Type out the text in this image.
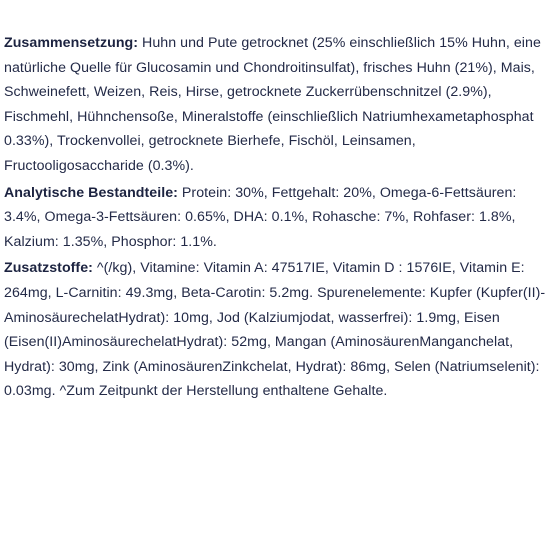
Zusammensetzung: Huhn und Pute getrocknet (25% einschließlich 15% Huhn, eine natürliche Quelle für Glucosamin und Chondroitinsulfat), frisches Huhn (21%), Mais, Schweinefett, Weizen, Reis, Hirse, getrocknete Zuckerrübenschnitzel (2.9%), Fischmehl, Hühnchensoße, Mineralstoffe (einschließlich Natriumhexametaphosphat 0.33%), Trockenvollei, getrocknete Bierhefe, Fischöl, Leinsamen, Fructooligosaccharide (0.3%).

Analytische Bestandteile: Protein: 30%, Fettgehalt: 20%, Omega-6-Fettsäuren: 3.4%, Omega-3-Fettsäuren: 0.65%, DHA: 0.1%, Rohasche: 7%, Rohfaser: 1.8%, Kalzium: 1.35%, Phosphor: 1.1%.

Zusatzstoffe: ^(/kg), Vitamine: Vitamin A: 47517IE, Vitamin D : 1576IE, Vitamin E: 264mg, L-Carnitin: 49.3mg, Beta-Carotin: 5.2mg. Spurenelemente: Kupfer (Kupfer(II)-AminosäurechelatHydrat): 10mg, Jod (Kalziumjodat, wasserfrei): 1.9mg, Eisen (Eisen(II)AminosäurechelatHydrat): 52mg, Mangan (AminosäurenManganchelat, Hydrat): 30mg, Zink (AminosäurenZinkchelat, Hydrat): 86mg, Selen (Natriumselenit): 0.03mg. ^Zum Zeitpunkt der Herstellung enthaltene Gehalte.
